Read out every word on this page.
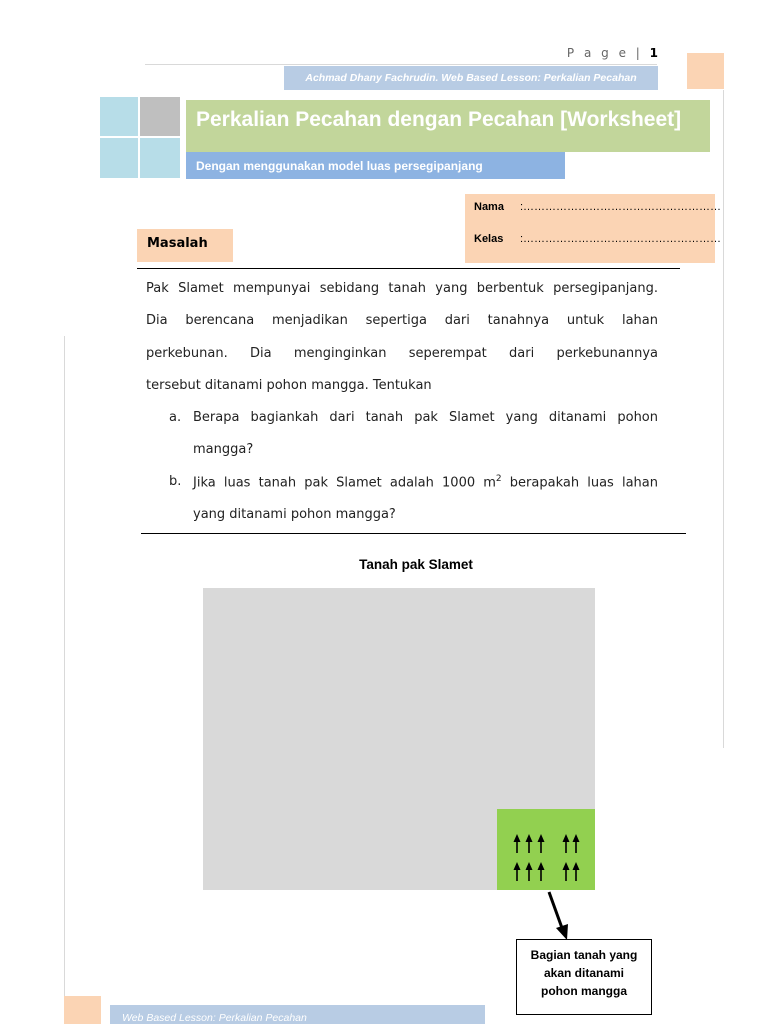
P a g e | 1
Achmad Dhany Fachrudin. Web Based Lesson: Perkalian Pecahan
Perkalian Pecahan dengan Pecahan [Worksheet]
Dengan menggunakan model luas persegipanjang
Nama :………………………………………………
Kelas :………………………………………………
Masalah
Pak Slamet mempunyai sebidang tanah yang berbentuk persegipanjang.
Dia berencana menjadikan sepertiga dari tanahnya untuk lahan
perkebunan. Dia menginginkan seperempat dari perkebunannya
tersebut ditanami pohon mangga. Tentukan
a. Berapa bagiankah dari tanah pak Slamet yang ditanami pohon
mangga?
b. Jika luas tanah pak Slamet adalah 1000 $m^2$ berapakah luas lahan
yang ditanami pohon mangga?
Tanah pak Slamet
Bagian tanah yang
akan ditanami
pohon mangga
Web Based Lesson: Perkalian Pecahan
